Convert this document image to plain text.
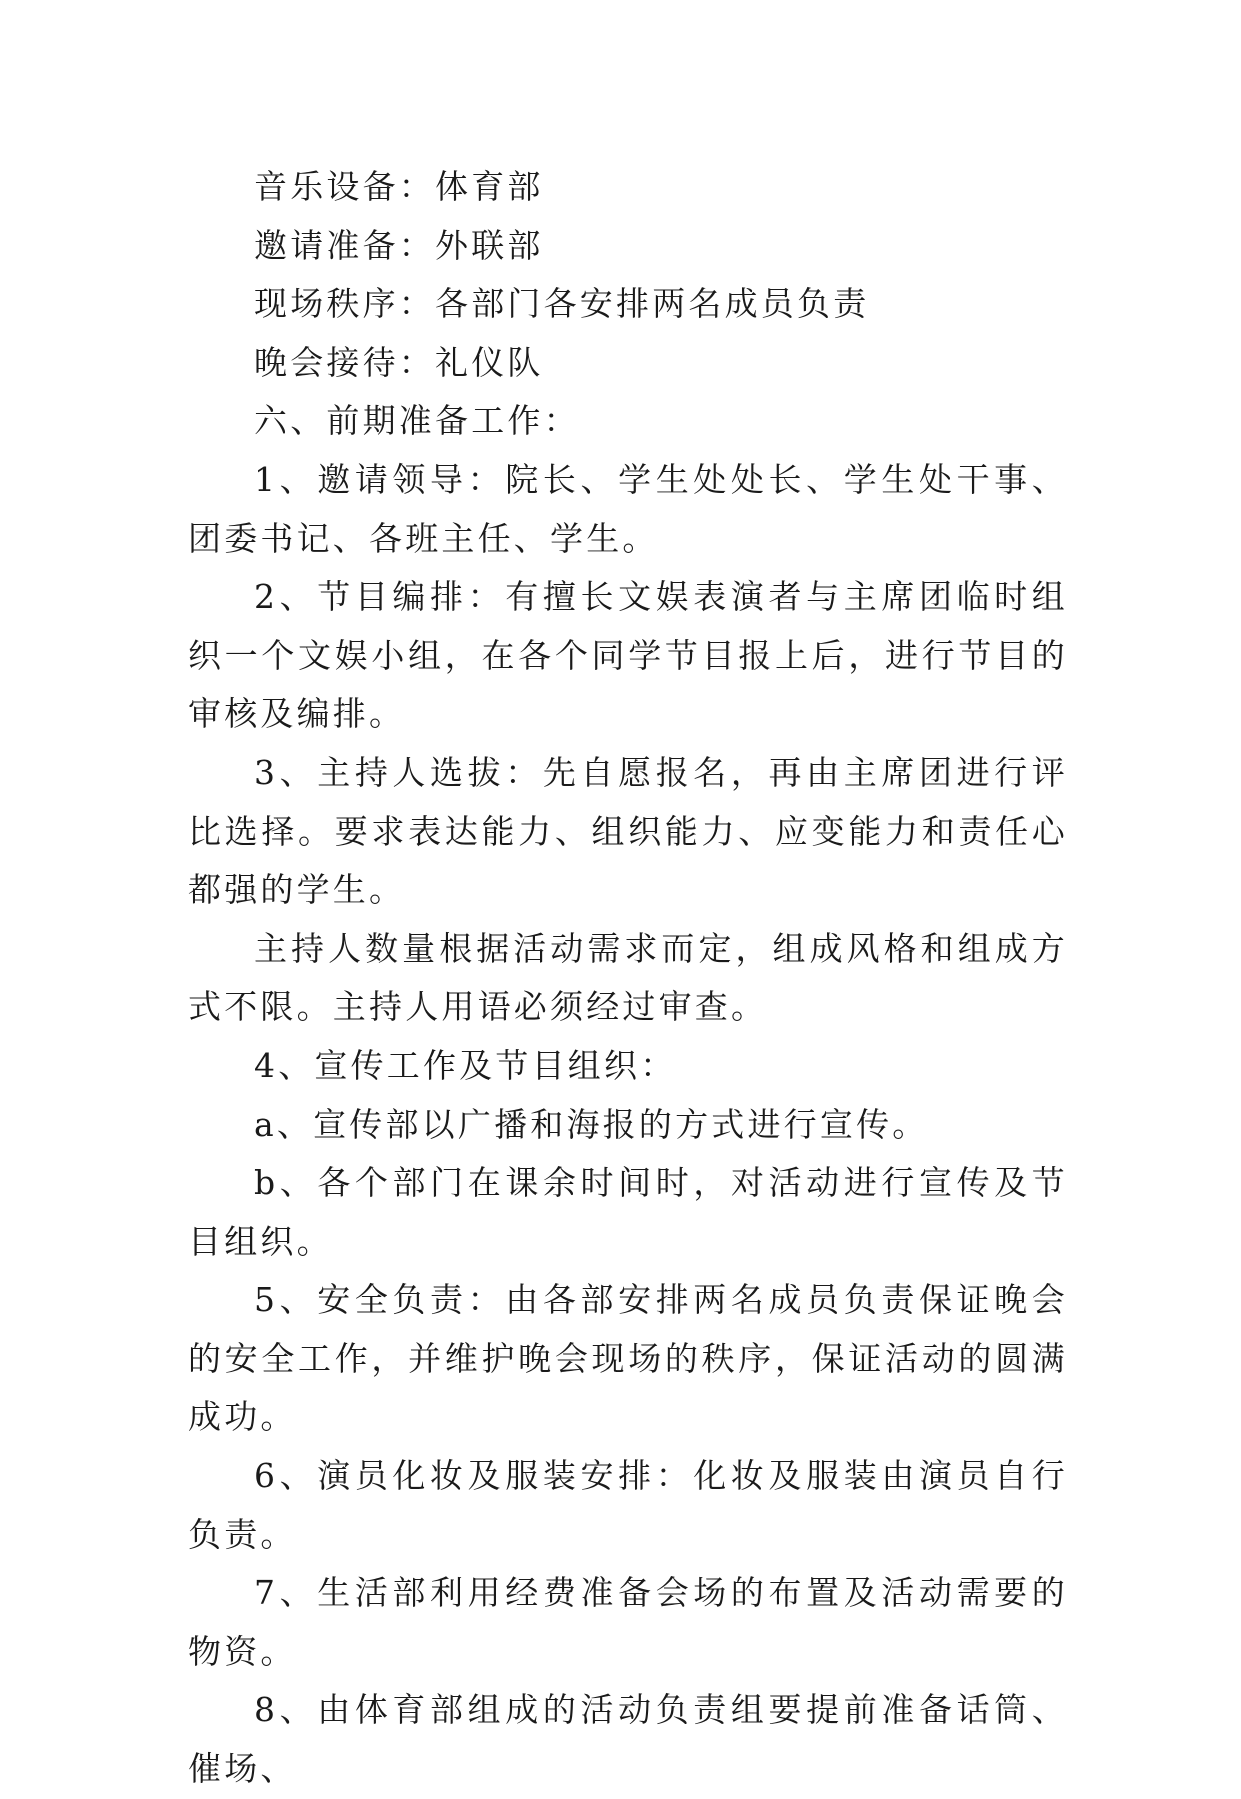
音乐设备：体育部

邀请准备：外联部

现场秩序：各部门各安排两名成员负责

晚会接待：礼仪队

六、前期准备工作：

1、邀请领导：院长、学生处处长、学生处干事、团委书记、各班主任、学生。

2、节目编排：有擅长文娱表演者与主席团临时组织一个文娱小组，在各个同学节目报上后，进行节目的审核及编排。

3、主持人选拔：先自愿报名，再由主席团进行评比选择。要求表达能力、组织能力、应变能力和责任心都强的学生。

主持人数量根据活动需求而定，组成风格和组成方式不限。主持人用语必须经过审查。

4、宣传工作及节目组织：

a、宣传部以广播和海报的方式进行宣传。

b、各个部门在课余时间时，对活动进行宣传及节目组织。

5、安全负责：由各部安排两名成员负责保证晚会的安全工作，并维护晚会现场的秩序，保证活动的圆满成功。

6、演员化妆及服装安排：化妆及服装由演员自行负责。

7、生活部利用经费准备会场的布置及活动需要的物资。

8、由体育部组成的活动负责组要提前准备话筒、催场、
